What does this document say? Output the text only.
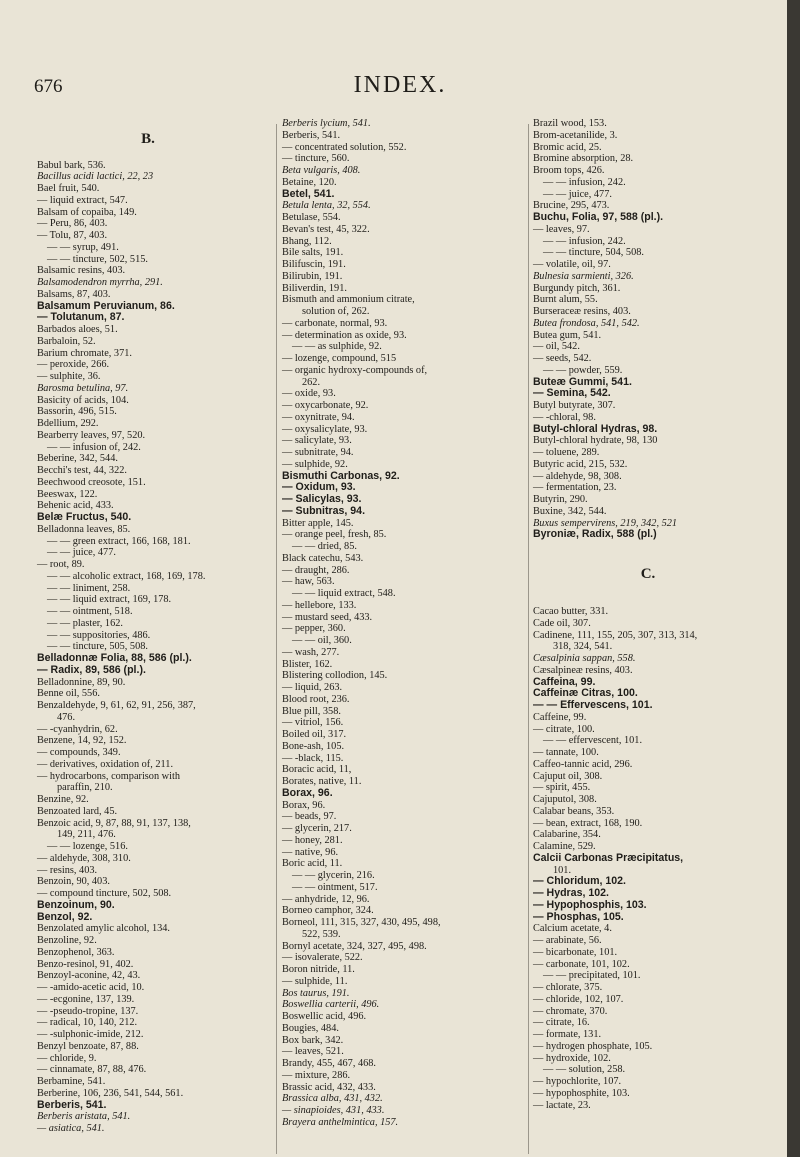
676	INDEX.
B.
Babul bark, 536.
Bacillus acidi lactici, 22, 23
Bael fruit, 540.
— liquid extract, 547.
Balsam of copaiba, 149.
— Peru, 86, 403.
— Tolu, 87, 403.
— — syrup, 491.
— — tincture, 502, 515.
Balsamic resins, 403.
Balsamodendron myrrha, 291.
Balsams, 87, 403.
Balsamum Peruvianum, 86.
— Tolutanum, 87.
Barbados aloes, 51.
Barbaloin, 52.
Barium chromate, 371.
— peroxide, 266.
— sulphite, 36.
Barosma betulina, 97.
Basicity of acids, 104.
Bassorin, 496, 515.
Bdellium, 292.
Bearberry leaves, 97, 520.
— — infusion of, 242.
Beberine, 342, 544.
Becchi's test, 44, 322.
Beechwood creosote, 151.
Beeswax, 122.
Behenic acid, 433.
Belæ Fructus, 540.
Belladonna leaves, 85.
— — green extract, 166, 168, 181.
— — juice, 477.
— root, 89.
— — alcoholic extract, 168, 169, 178.
— — liniment, 258.
— — liquid extract, 169, 178.
— — ointment, 518.
— — plaster, 162.
— — suppositories, 486.
— — tincture, 505, 508.
Belladonnæ Folia, 88, 586 (pl.).
— Radix, 89, 586 (pl.).
Belladonnine, 89, 90.
Benne oil, 556.
Benzaldehyde, 9, 61, 62, 91, 256, 387,
476.
— -cyanhydrin, 62.
Benzene, 14, 92, 152.
— compounds, 349.
— derivatives, oxidation of, 211.
— hydrocarbons, comparison with
paraffin, 210.
Benzine, 92.
Benzoated lard, 45.
Benzoic acid, 9, 87, 88, 91, 137, 138,
149, 211, 476.
— — lozenge, 516.
— aldehyde, 308, 310.
— resins, 403.
Benzoin, 90, 403.
— compound tincture, 502, 508.
Benzoinum, 90.
Benzol, 92.
Benzolated amylic alcohol, 134.
Benzoline, 92.
Benzophenol, 363.
Benzo-resinol, 91, 402.
Benzoyl-aconine, 42, 43.
— -amido-acetic acid, 10.
— -ecgonine, 137, 139.
— -pseudo-tropine, 137.
— radical, 10, 140, 212.
— -sulphonic-imide, 212.
Benzyl benzoate, 87, 88.
— chloride, 9.
— cinnamate, 87, 88, 476.
Berbamine, 541.
Berberine, 106, 236, 541, 544, 561.
Berberis, 541.
Berberis aristata, 541.
— asiatica, 541.
Berberis lycium, 541.
Berberis, 541.
— concentrated solution, 552.
— tincture, 560.
Beta vulgaris, 408.
Betaine, 120.
Betel, 541.
Betula lenta, 32, 554.
Betulase, 554.
Bevan's test, 45, 322.
Bhang, 112.
Bile salts, 191.
Bilifuscin, 191.
Bilirubin, 191.
Biliverdin, 191.
Bismuth and ammonium citrate,
solution of, 262.
— carbonate, normal, 93.
— determination as oxide, 93.
— — as sulphide, 92.
— lozenge, compound, 515
— organic hydroxy-compounds of,
262.
— oxide, 93.
— oxycarbonate, 92.
— oxynitrate, 94.
— oxysalicylate, 93.
— salicylate, 93.
— subnitrate, 94.
— sulphide, 92.
Bismuthi Carbonas, 92.
— Oxidum, 93.
— Salicylas, 93.
— Subnitras, 94.
Bitter apple, 145.
— orange peel, fresh, 85.
— — dried, 85.
Black catechu, 543.
— draught, 286.
— haw, 563.
— — liquid extract, 548.
— hellebore, 133.
— mustard seed, 433.
— pepper, 360.
— — oil, 360.
— wash, 277.
Blister, 162.
Blistering collodion, 145.
— liquid, 263.
Blood root, 236.
Blue pill, 358.
— vitriol, 156.
Boiled oil, 317.
Bone-ash, 105.
— -black, 115.
Boracic acid, 11,
Borates, native, 11.
Borax, 96.
Borax, 96.
— beads, 97.
— glycerin, 217.
— honey, 281.
— native, 96.
Boric acid, 11.
— — glycerin, 216.
— — ointment, 517.
— anhydride, 12, 96.
Borneo camphor, 324.
Borneol, 111, 315, 327, 430, 495, 498,
522, 539.
Bornyl acetate, 324, 327, 495, 498.
— isovalerate, 522.
Boron nitride, 11.
— sulphide, 11.
Bos taurus, 191.
Boswellia carterii, 496.
Boswellic acid, 496.
Bougies, 484.
Box bark, 342.
— leaves, 521.
Brandy, 455, 467, 468.
— mixture, 286.
Brassic acid, 432, 433.
Brassica alba, 431, 432.
— sinapioides, 431, 433.
Brayera anthelmintica, 157.
Brazil wood, 153.
Brom-acetanilide, 3.
Bromic acid, 25.
Bromine absorption, 28.
Broom tops, 426.
— — infusion, 242.
— — juice, 477.
Brucine, 295, 473.
Buchu, Folia, 97, 588 (pl.).
— leaves, 97.
— — infusion, 242.
— — tincture, 504, 508.
— volatile, oil, 97.
Bulnesia sarmienti, 326.
Burgundy pitch, 361.
Burnt alum, 55.
Burseraceæ resins, 403.
Butea frondosa, 541, 542.
Butea gum, 541.
— oil, 542.
— seeds, 542.
— — powder, 559.
Buteæ Gummi, 541.
— Semina, 542.
Butyl butyrate, 307.
— -chloral, 98.
Butyl-chloral Hydras, 98.
Butyl-chloral hydrate, 98, 130
— toluene, 289.
Butyric acid, 215, 532.
— aldehyde, 98, 308.
— fermentation, 23.
Butyrin, 290.
Buxine, 342, 544.
Buxus sempervirens, 219, 342, 521
Byroniæ, Radix, 588 (pl.)
C.
Cacao butter, 331.
Cade oil, 307.
Cadinene, 111, 155, 205, 307, 313, 314,
318, 324, 541.
Cæsalpinia sappan, 558.
Cæsalpineæ resins, 403.
Caffeina, 99.
Caffeinæ Citras, 100.
— — Effervescens, 101.
Caffeine, 99.
— citrate, 100.
— — effervescent, 101.
— tannate, 100.
Caffeo-tannic acid, 296.
Cajuput oil, 308.
— spirit, 455.
Cajuputol, 308.
Calabar beans, 353.
— bean, extract, 168, 190.
Calabarine, 354.
Calamine, 529.
Calcii Carbonas Præcipitatus,
101.
— Chloridum, 102.
— Hydras, 102.
— Hypophosphis, 103.
— Phosphas, 105.
Calcium acetate, 4.
— arabinate, 56.
— bicarbonate, 101.
— carbonate, 101, 102.
— — precipitated, 101.
— chlorate, 375.
— chloride, 102, 107.
— chromate, 370.
— citrate, 16.
— formate, 131.
— hydrogen phosphate, 105.
— hydroxide, 102.
— — solution, 258.
— hypochlorite, 107.
— hypophosphite, 103.
— lactate, 23.
